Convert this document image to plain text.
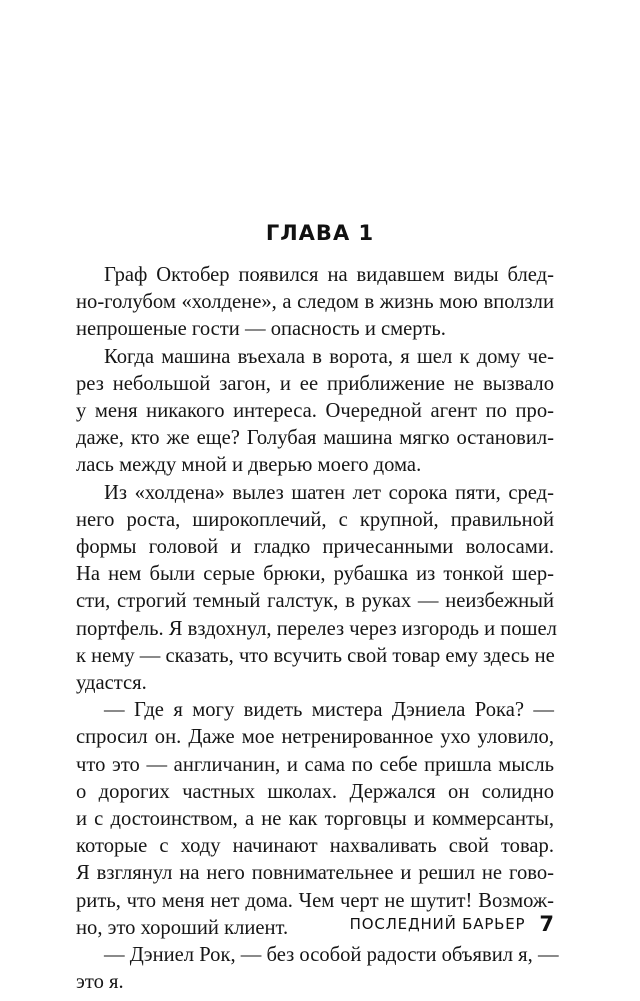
ГЛАВА 1
Граф Октобер появился на видавшем виды блед-
но-голубом «холдене», а следом в жизнь мою вползли
непрошеные гости — опасность и смерть.
Когда машина въехала в ворота, я шел к дому че-
рез небольшой загон, и ее приближение не вызвало
у меня никакого интереса. Очередной агент по про-
даже, кто же еще? Голубая машина мягко остановил-
лась между мной и дверью моего дома.
Из «холдена» вылез шатен лет сорока пяти, сред-
него роста, широкоплечий, с крупной, правильной
формы головой и гладко причесанными волосами.
На нем были серые брюки, рубашка из тонкой шер-
сти, строгий темный галстук, в руках — неизбежный
портфель. Я вздохнул, перелез через изгородь и пошел
к нему — сказать, что всучить свой товар ему здесь не
удастся.
— Где я могу видеть мистера Дэниела Рока? —
спросил он. Даже мое нетренированное ухо уловило,
что это — англичанин, и сама по себе пришла мысль
о дорогих частных школах. Держался он солидно
и с достоинством, а не как торговцы и коммерсанты,
которые с ходу начинают нахваливать свой товар.
Я взглянул на него повнимательнее и решил не гово-
рить, что меня нет дома. Чем черт не шутит! Возмож-
но, это хороший клиент.
— Дэниел Рок, — без особой радости объявил я, —
это я.
ПОСЛЕДНИЙ БАРЬЕР 7
